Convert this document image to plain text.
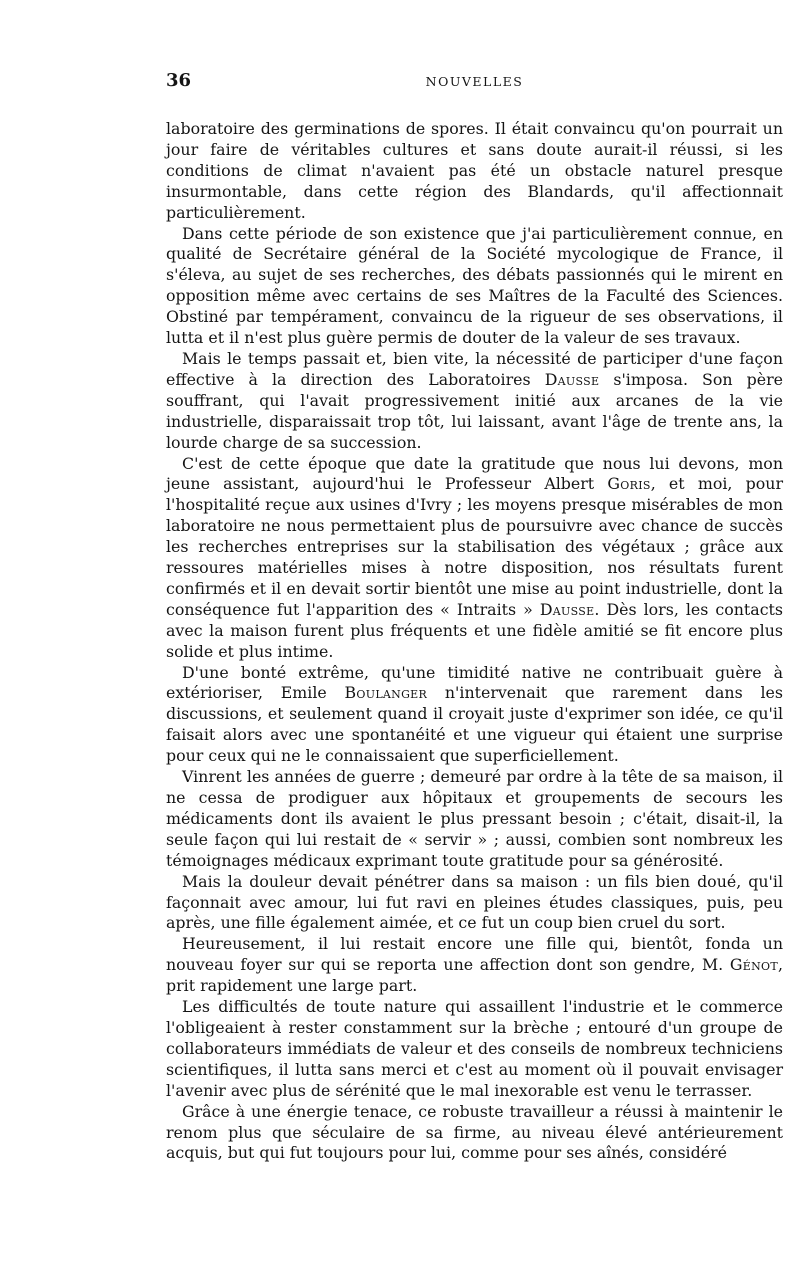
36	NOUVELLES

laboratoire des germinations de spores. Il était convaincu qu'on pourrait un jour faire de véritables cultures et sans doute aurait-il réussi, si les conditions de climat n'avaient pas été un obstacle naturel presque insurmontable, dans cette région des Blandards, qu'il affectionnait particulièrement.

Dans cette période de son existence que j'ai particulièrement connue, en qualité de Secrétaire général de la Société mycologique de France, il s'éleva, au sujet de ses recherches, des débats passionnés qui le mirent en opposition même avec certains de ses Maîtres de la Faculté des Sciences. Obstiné par tempérament, convaincu de la rigueur de ses observations, il lutta et il n'est plus guère permis de douter de la valeur de ses travaux.

Mais le temps passait et, bien vite, la nécessité de participer d'une façon effective à la direction des Laboratoires Dausse s'imposa. Son père souffrant, qui l'avait progressivement initié aux arcanes de la vie industrielle, disparaissait trop tôt, lui laissant, avant l'âge de trente ans, la lourde charge de sa succession.

C'est de cette époque que date la gratitude que nous lui devons, mon jeune assistant, aujourd'hui le Professeur Albert Goris, et moi, pour l'hospitalité reçue aux usines d'Ivry ; les moyens presque misérables de mon laboratoire ne nous permettaient plus de poursuivre avec chance de succès les recherches entreprises sur la stabilisation des végétaux ; grâce aux ressoures matérielles mises à notre disposition, nos résultats furent confirmés et il en devait sortir bientôt une mise au point industrielle, dont la conséquence fut l'apparition des « Intraits » Dausse. Dès lors, les contacts avec la maison furent plus fréquents et une fidèle amitié se fit encore plus solide et plus intime.

D'une bonté extrême, qu'une timidité native ne contribuait guère à extérioriser, Emile Boulanger n'intervenait que rarement dans les discussions, et seulement quand il croyait juste d'exprimer son idée, ce qu'il faisait alors avec une spontanéité et une vigueur qui étaient une surprise pour ceux qui ne le connaissaient que superficiellement.

Vinrent les années de guerre ; demeuré par ordre à la tête de sa maison, il ne cessa de prodiguer aux hôpitaux et groupements de secours les médicaments dont ils avaient le plus pressant besoin ; c'était, disait-il, la seule façon qui lui restait de « servir » ; aussi, combien sont nombreux les témoignages médicaux exprimant toute gratitude pour sa générosité.

Mais la douleur devait pénétrer dans sa maison : un fils bien doué, qu'il façonnait avec amour, lui fut ravi en pleines études classiques, puis, peu après, une fille également aimée, et ce fut un coup bien cruel du sort.

Heureusement, il lui restait encore une fille qui, bientôt, fonda un nouveau foyer sur qui se reporta une affection dont son gendre, M. Génot, prit rapidement une large part.

Les difficultés de toute nature qui assaillent l'industrie et le commerce l'obligeaient à rester constamment sur la brèche ; entouré d'un groupe de collaborateurs immédiats de valeur et des conseils de nombreux techniciens scientifiques, il lutta sans merci et c'est au moment où il pouvait envisager l'avenir avec plus de sérénité que le mal inexorable est venu le terrasser.

Grâce à une énergie tenace, ce robuste travailleur a réussi à maintenir le renom plus que séculaire de sa firme, au niveau élevé antérieurement acquis, but qui fut toujours pour lui, comme pour ses aînés, considéré
